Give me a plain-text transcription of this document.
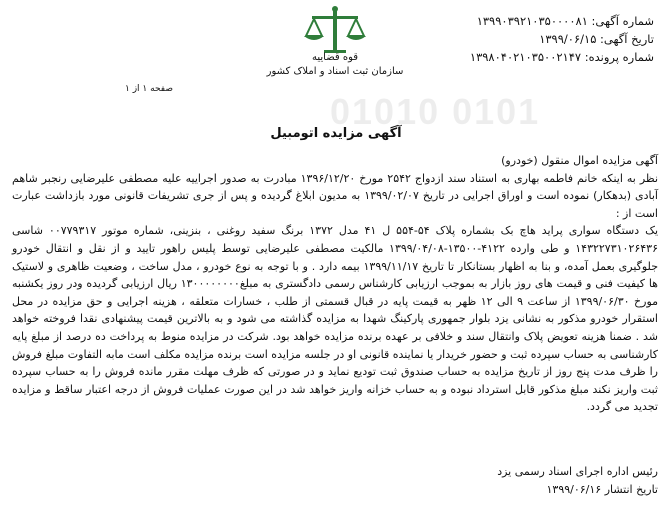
شماره آگهی: ۱۳۹۹۰۳۹۲۱۰۳۵۰۰۰۰۸۱
تاریخ آگهی: ۱۳۹۹/۰۶/۱۵
شماره پرونده: ۱۳۹۸۰۴۰۲۱۰۳۵۰۰۲۱۴۷
قوه قضاییه
سازمان ثبت اسناد و املاک کشور
صفحه ۱ از ۱
01010 0101
آگهی مزایده اتومبیل

آگهی مزایده اموال منقول (خودرو)

نظر به اینکه خانم فاطمه بهاری به استناد سند ازدواج ۲۵۴۲ مورخ ۱۳۹۶/۱۲/۲۰ مبادرت به صدور اجراییه علیه مصطفی علیرضایی رنجبر شاهم آبادی (بدهکار) نموده است و اوراق اجرایی در تاریخ ۱۳۹۹/۰۲/۰۷ به مدیون ابلاغ گردیده و پس از جری تشریفات قانونی مورد بازداشت عبارت است از :

یک دستگاه سواری پراید هاچ بک بشماره پلاک ۵۴-۵۵۴ ل ۴۱ مدل ۱۳۷۲ برنگ سفید روغنی ، بنزینی، شماره موتور ۰۰۷۷۹۳۱۷ شاسی ۱۴۳۲۲۷۳۱۰۲۶۴۳۶ و طی وارده ۴۱۲۲-۱۳۵۰۰-۱۳۹۹/۰۴/۰۸ مالکیت مصطفی علیرضایی توسط پلیس راهور تایید و از نقل و انتقال خودرو جلوگیری بعمل آمده، و بنا به اظهار بستانکار تا تاریخ ۱۳۹۹/۱۱/۱۷ بیمه دارد . و با توجه به نوع خودرو ، مدل ساخت ، وضعیت ظاهری و لاستیک ها کیفیت فنی و قیمت های روز بازار به بموجب ارزیابی کارشناس رسمی دادگستری به مبلغ۱۳۰۰۰۰۰۰۰۰ ریال ارزیابی گردیده ودر روز یکشنبه مورخ ۱۳۹۹/۰۶/۳۰ از ساعت ۹ الی ۱۲ ظهر به قیمت پایه در قبال قسمتی از طلب ، خسارات متعلقه ، هزینه اجرایی و حق مزایده در محل استقرار خودرو مذکور به نشانی یزد بلوار جمهوری پارکینگ شهدا به مزایده گذاشته می شود و به بالاترین قیمت پیشنهادی نقدا فروخته خواهد شد . ضمنا هزینه تعویض پلاک وانتقال سند و خلافی بر عهده برنده مزایده خواهد بود. شرکت در مزایده منوط به پرداخت ده درصد از مبلغ پایه کارشناسی به حساب سپرده ثبت و حضور خریدار یا نماینده قانونی او در جلسه مزایده است برنده مزایده مکلف است مابه التفاوت مبلغ فروش را ظرف مدت پنج روز از تاریخ مزایده به حساب صندوق ثبت تودیع نماید و در صورتی که ظرف مهلت مقرر مانده فروش را به حساب سپرده ثبت واریز نکند مبلغ مذکور قابل استرداد نبوده و به حساب خزانه واریز خواهد شد در این صورت عملیات فروش از درجه اعتبار ساقط و مزایده تجدید می گردد.

رئیس اداره اجرای اسناد رسمی یزد
تاریخ انتشار ۱۳۹۹/۰۶/۱۶
